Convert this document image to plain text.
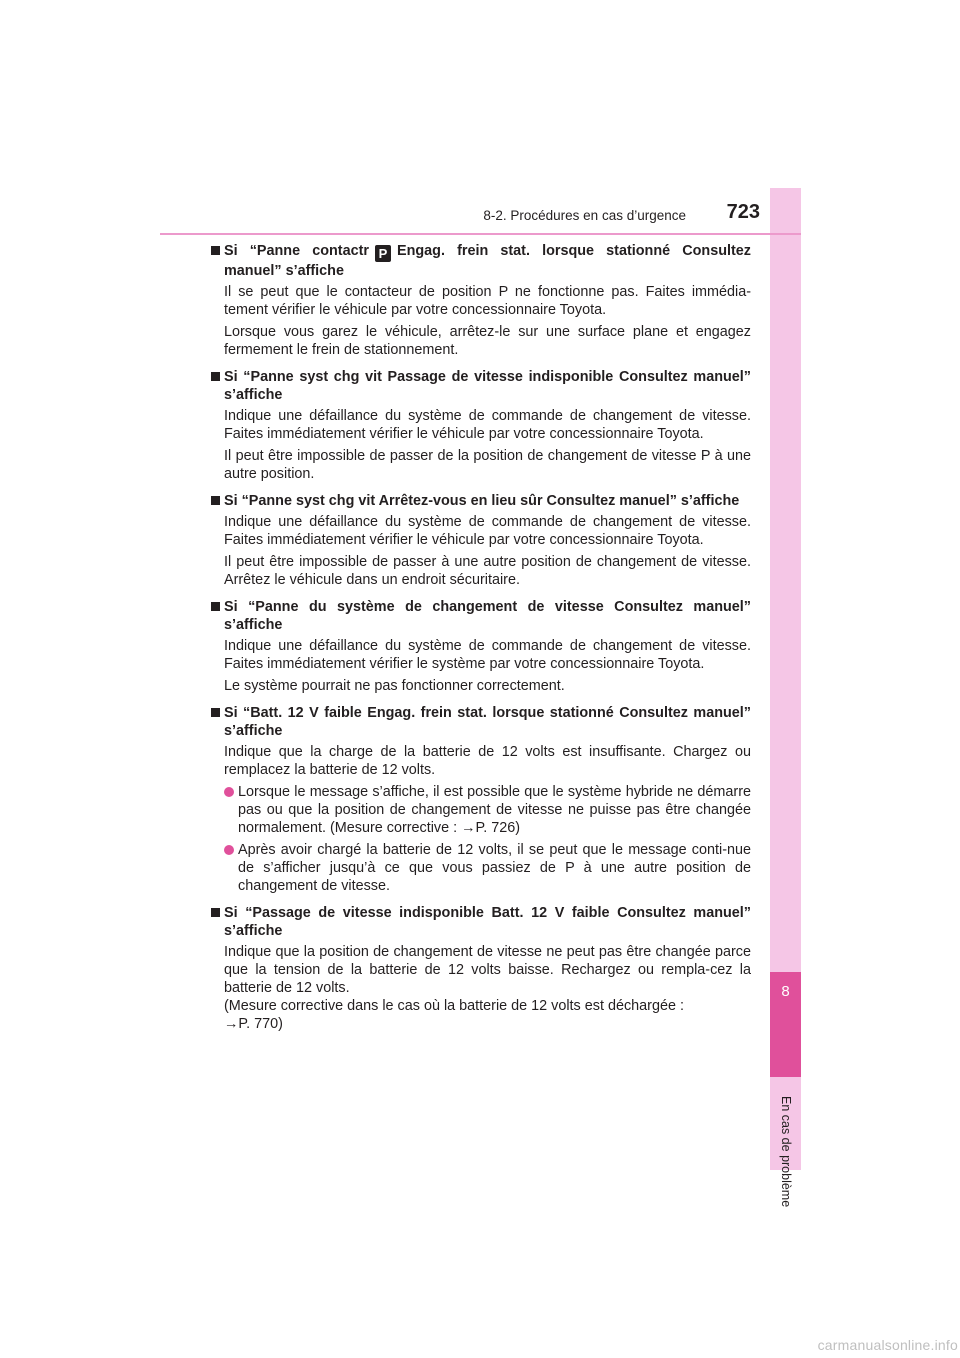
8
En cas de problème
8-2. Procédures en cas d’urgence	723
Si “Panne contactr P Engag. frein stat. lorsque stationné Consultez manuel” s’affiche
Il se peut que le contacteur de position P ne fonctionne pas. Faites immédia-tement vérifier le véhicule par votre concessionnaire Toyota.
Lorsque vous garez le véhicule, arrêtez-le sur une surface plane et engagez fermement le frein de stationnement.
Si “Panne syst chg vit Passage de vitesse indisponible Consultez manuel” s’affiche
Indique une défaillance du système de commande de changement de vitesse. Faites immédiatement vérifier le véhicule par votre concessionnaire Toyota.
Il peut être impossible de passer de la position de changement de vitesse P à une autre position.
Si “Panne syst chg vit Arrêtez-vous en lieu sûr Consultez manuel” s’affiche
Indique une défaillance du système de commande de changement de vitesse. Faites immédiatement vérifier le véhicule par votre concessionnaire Toyota.
Il peut être impossible de passer à une autre position de changement de vitesse. Arrêtez le véhicule dans un endroit sécuritaire.
Si “Panne du système de changement de vitesse Consultez manuel” s’affiche
Indique une défaillance du système de commande de changement de vitesse. Faites immédiatement vérifier le système par votre concessionnaire Toyota.
Le système pourrait ne pas fonctionner correctement.
Si “Batt. 12 V faible Engag. frein stat. lorsque stationné Consultez manuel” s’affiche
Indique que la charge de la batterie de 12 volts est insuffisante. Chargez ou remplacez la batterie de 12 volts.
Lorsque le message s’affiche, il est possible que le système hybride ne démarre pas ou que la position de changement de vitesse ne puisse pas être changée normalement. (Mesure corrective : →P. 726)
Après avoir chargé la batterie de 12 volts, il se peut que le message conti-nue de s’afficher jusqu’à ce que vous passiez de P à une autre position de changement de vitesse.
Si “Passage de vitesse indisponible Batt. 12 V faible Consultez manuel” s’affiche
Indique que la position de changement de vitesse ne peut pas être changée parce que la tension de la batterie de 12 volts baisse. Rechargez ou rempla-cez la batterie de 12 volts.
(Mesure corrective dans le cas où la batterie de 12 volts est déchargée :
→P. 770)
carmanualsonline.info
